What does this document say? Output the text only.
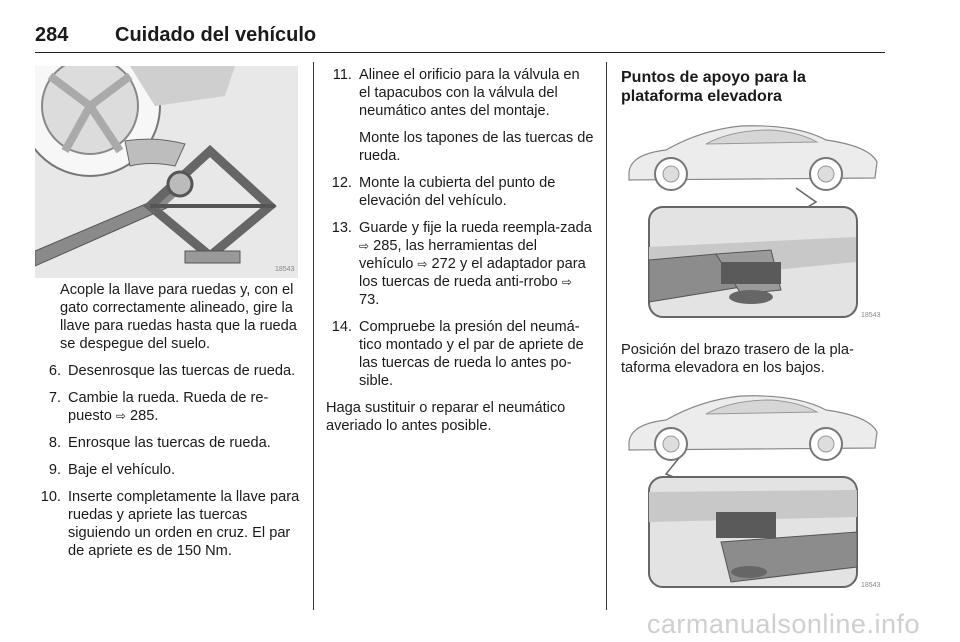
284 Cuidado del vehículo
18543

Acople la llave para ruedas y, con el gato correctamente alineado, gire la llave para ruedas hasta que la rueda se despegue del suelo.

6. Desenrosque las tuercas de rueda.
7. Cambie la rueda. Rueda de re-puesto ⇨ 285.
8. Enrosque las tuercas de rueda.
9. Baje el vehículo.
10. Inserte completamente la llave para ruedas y apriete las tuercas siguiendo un orden en cruz. El par de apriete es de 150 Nm.
11. Alinee el orificio para la válvula en el tapacubos con la válvula del neumático antes del montaje.
Monte los tapones de las tuercas de rueda.
12. Monte la cubierta del punto de elevación del vehículo.
13. Guarde y fije la rueda reempla-zada ⇨ 285, las herramientas del vehículo ⇨ 272 y el adaptador para los tuercas de rueda anti-rrobo ⇨ 73.
14. Compruebe la presión del neumá-tico montado y el par de apriete de las tuercas de rueda lo antes po-sible.

Haga sustituir o reparar el neumático averiado lo antes posible.

Puntos de apoyo para la plataforma elevadora
18543
Posición del brazo trasero de la pla-taforma elevadora en los bajos.
18543
carmanualsonline.info
